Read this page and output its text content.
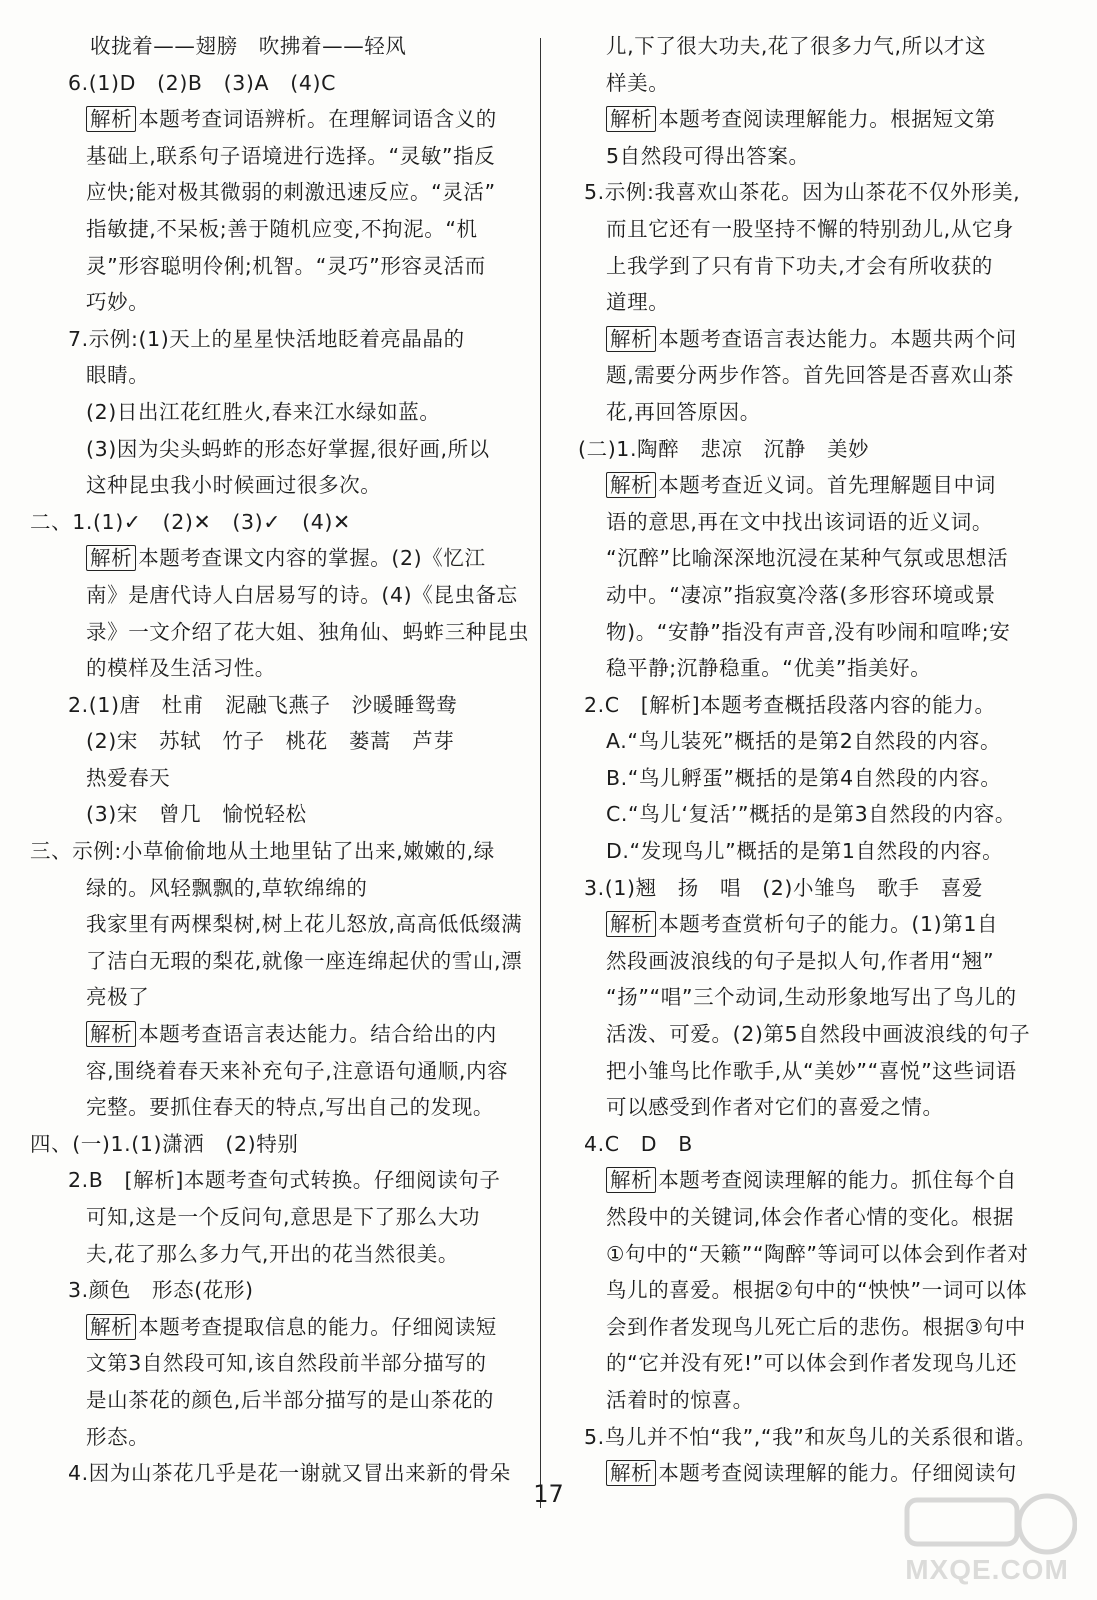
收拢着——翅膀　吹拂着——轻风
6.(1)D　(2)B　(3)A　(4)C
解析 本题考查词语辨析。在理解词语含义的
基础上,联系句子语境进行选择。“灵敏”指反
应快;能对极其微弱的刺激迅速反应。“灵活”
指敏捷,不呆板;善于随机应变,不拘泥。“机
灵”形容聪明伶俐;机智。“灵巧”形容灵活而
巧妙。
7.示例:(1)天上的星星快活地眨着亮晶晶的
眼睛。
(2)日出江花红胜火,春来江水绿如蓝。
(3)因为尖头蚂蚱的形态好掌握,很好画,所以
这种昆虫我小时候画过很多次。
二、1.(1)✓　(2)✕　(3)✓　(4)✕
解析 本题考查课文内容的掌握。(2)《忆江
南》是唐代诗人白居易写的诗。(4)《昆虫备忘
录》一文介绍了花大姐、独角仙、蚂蚱三种昆虫
的模样及生活习性。
2.(1)唐　杜甫　泥融飞燕子　沙暖睡鸳鸯
(2)宋　苏轼　竹子　桃花　蒌蒿　芦芽
热爱春天
(3)宋　曾几　愉悦轻松
三、示例:小草偷偷地从土地里钻了出来,嫩嫩的,绿
绿的。风轻飘飘的,草软绵绵的
我家里有两棵梨树,树上花儿怒放,高高低低缀满
了洁白无瑕的梨花,就像一座连绵起伏的雪山,漂
亮极了
解析 本题考查语言表达能力。结合给出的内
容,围绕着春天来补充句子,注意语句通顺,内容
完整。要抓住春天的特点,写出自己的发现。
四、(一)1.(1)潇洒　(2)特别
2.B　[解析]本题考查句式转换。仔细阅读句子
可知,这是一个反问句,意思是下了那么大功
夫,花了那么多力气,开出的花当然很美。
3.颜色　形态(花形)
解析 本题考查提取信息的能力。仔细阅读短
文第3自然段可知,该自然段前半部分描写的
是山茶花的颜色,后半部分描写的是山茶花的
形态。
4.因为山茶花几乎是花一谢就又冒出来新的骨朵
儿,下了很大功夫,花了很多力气,所以才这
样美。
解析 本题考查阅读理解能力。根据短文第
5自然段可得出答案。
5.示例:我喜欢山茶花。因为山茶花不仅外形美,
而且它还有一股坚持不懈的特别劲儿,从它身
上我学到了只有肯下功夫,才会有所收获的
道理。
解析 本题考查语言表达能力。本题共两个问
题,需要分两步作答。首先回答是否喜欢山茶
花,再回答原因。
(二)1.陶醉　悲凉　沉静　美妙
解析 本题考查近义词。首先理解题目中词
语的意思,再在文中找出该词语的近义词。
“沉醉”比喻深深地沉浸在某种气氛或思想活
动中。“凄凉”指寂寞冷落(多形容环境或景
物)。“安静”指没有声音,没有吵闹和喧哗;安
稳平静;沉静稳重。“优美”指美好。
2.C　[解析]本题考查概括段落内容的能力。
A.“鸟儿装死”概括的是第2自然段的内容。
B.“鸟儿孵蛋”概括的是第4自然段的内容。
C.“鸟儿‘复活’”概括的是第3自然段的内容。
D.“发现鸟儿”概括的是第1自然段的内容。
3.(1)翘　扬　唱　(2)小雏鸟　歌手　喜爱
解析 本题考查赏析句子的能力。(1)第1自
然段画波浪线的句子是拟人句,作者用“翘”
“扬”“唱”三个动词,生动形象地写出了鸟儿的
活泼、可爱。(2)第5自然段中画波浪线的句子
把小雏鸟比作歌手,从“美妙”“喜悦”这些词语
可以感受到作者对它们的喜爱之情。
4.C　D　B
解析 本题考查阅读理解的能力。抓住每个自
然段中的关键词,体会作者心情的变化。根据
①句中的“天籁”“陶醉”等词可以体会到作者对
鸟儿的喜爱。根据②句中的“怏怏”一词可以体
会到作者发现鸟儿死亡后的悲伤。根据③句中
的“它并没有死!”可以体会到作者发现鸟儿还
活着时的惊喜。
5.鸟儿并不怕“我”,“我”和灰鸟儿的关系很和谐。
解析 本题考查阅读理解的能力。仔细阅读句
17
MXQE.COM
